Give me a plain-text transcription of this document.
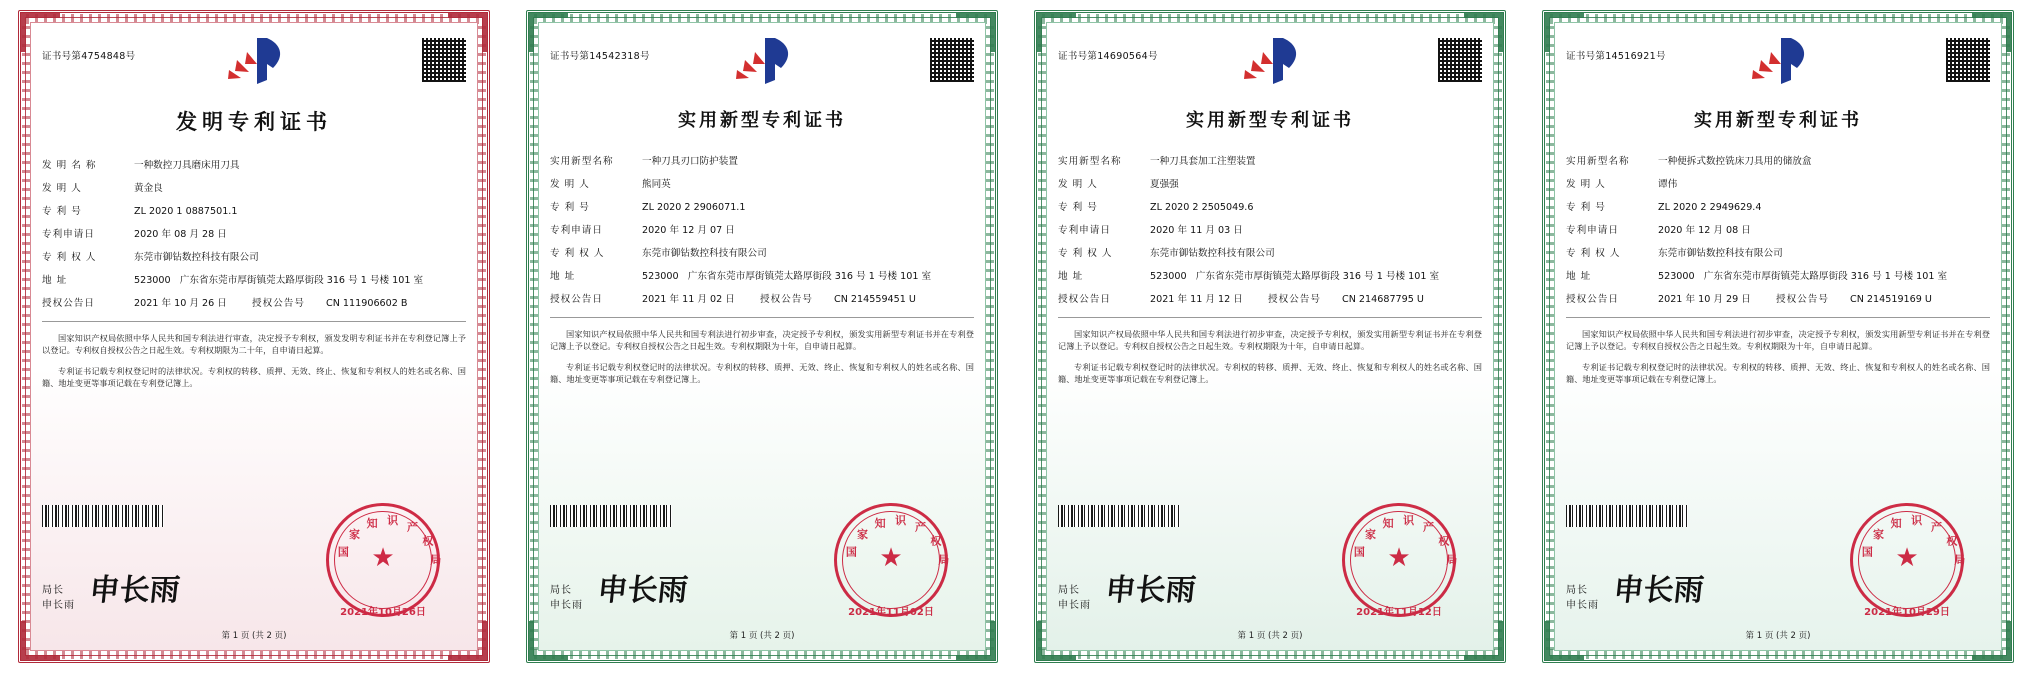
证书号第4754848号
发明专利证书
发 明 名 称	一种数控刀具磨床用刀具
发 明 人	黄金良
专 利 号	ZL 2020 1 0887501.1
专利申请日	2020 年 08 月 28 日
专 利 权 人	东莞市御钻数控科技有限公司
地 址	523000   广东省东莞市厚街镇莞太路厚街段 316 号 1 号楼 101 室
授权公告日	2021 年 10 月 26 日	授权公告号	CN 111906602 B

国家知识产权局依照中华人民共和国专利法进行审查，决定授予专利权，颁发发明专利证书并在专利登记簿上予以登记。专利权自授权公告之日起生效。专利权期限为二十年，自申请日起算。

专利证书记载专利权登记时的法律状况。专利权的转移、质押、无效、终止、恢复和专利权人的姓名或名称、国籍、地址变更等事项记载在专利登记簿上。

局长
申长雨 申长雨
国
家
知 识 产
权
局
★
2021年10月26日
第 1 页 (共 2 页)
证书号第14542318号
实用新型专利证书
实用新型名称	一种刀具刃口防护装置
发 明 人	熊同英
专 利 号	ZL 2020 2 2906071.1
专利申请日	2020 年 12 月 07 日
专 利 权 人	东莞市御钻数控科技有限公司
地 址	523000   广东省东莞市厚街镇莞太路厚街段 316 号 1 号楼 101 室
授权公告日	2021 年 11 月 02 日	授权公告号	CN 214559451 U

国家知识产权局依照中华人民共和国专利法进行初步审查，决定授予专利权，颁发实用新型专利证书并在专利登记簿上予以登记。专利权自授权公告之日起生效。专利权期限为十年，自申请日起算。

专利证书记载专利权登记时的法律状况。专利权的转移、质押、无效、终止、恢复和专利权人的姓名或名称、国籍、地址变更等事项记载在专利登记簿上。

局长
申长雨 申长雨
国
家
知 识 产
权
局
★
2021年11月02日
第 1 页 (共 2 页)
证书号第14690564号
实用新型专利证书
实用新型名称	一种刀具套加工注塑装置
发 明 人	夏强强
专 利 号	ZL 2020 2 2505049.6
专利申请日	2020 年 11 月 03 日
专 利 权 人	东莞市御钻数控科技有限公司
地 址	523000   广东省东莞市厚街镇莞太路厚街段 316 号 1 号楼 101 室
授权公告日	2021 年 11 月 12 日	授权公告号	CN 214687795 U

国家知识产权局依照中华人民共和国专利法进行初步审查，决定授予专利权，颁发实用新型专利证书并在专利登记簿上予以登记。专利权自授权公告之日起生效。专利权期限为十年，自申请日起算。

专利证书记载专利权登记时的法律状况。专利权的转移、质押、无效、终止、恢复和专利权人的姓名或名称、国籍、地址变更等事项记载在专利登记簿上。

局长
申长雨 申长雨
国
家
知 识 产
权
局
★
2021年11月12日
第 1 页 (共 2 页)
证书号第14516921号
实用新型专利证书
实用新型名称	一种便拆式数控铣床刀具用的储放盒
发 明 人	谭伟
专 利 号	ZL 2020 2 2949629.4
专利申请日	2020 年 12 月 08 日
专 利 权 人	东莞市御钻数控科技有限公司
地 址	523000   广东省东莞市厚街镇莞太路厚街段 316 号 1 号楼 101 室
授权公告日	2021 年 10 月 29 日	授权公告号	CN 214519169 U

国家知识产权局依照中华人民共和国专利法进行初步审查，决定授予专利权，颁发实用新型专利证书并在专利登记簿上予以登记。专利权自授权公告之日起生效。专利权期限为十年，自申请日起算。

专利证书记载专利权登记时的法律状况。专利权的转移、质押、无效、终止、恢复和专利权人的姓名或名称、国籍、地址变更等事项记载在专利登记簿上。

局长
申长雨 申长雨
国
家
知 识 产
权
局
★
2021年10月29日
第 1 页 (共 2 页)
